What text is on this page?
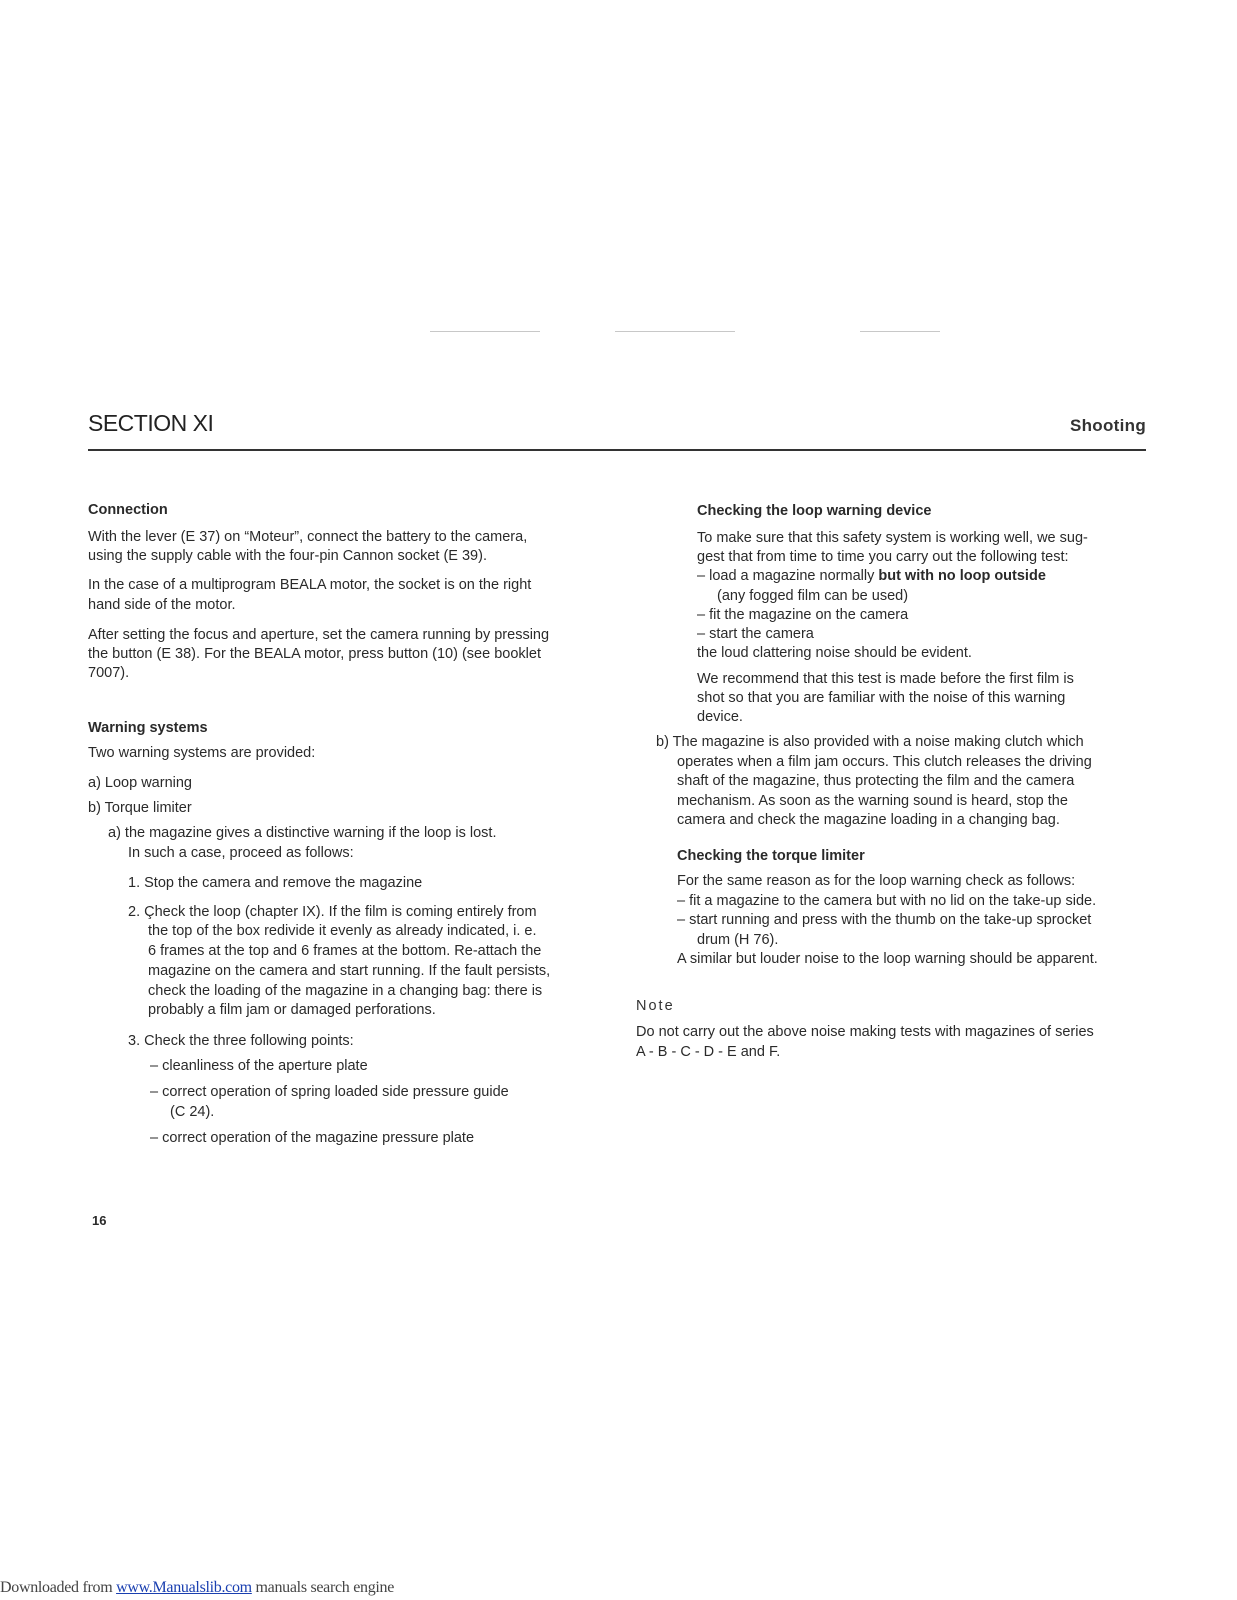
SECTION XI	Shooting
Connection
With the lever (E 37) on “Moteur”, connect the battery to the camera,
using the supply cable with the four-pin Cannon socket (E 39).
In the case of a multiprogram BEALA motor, the socket is on the right
hand side of the motor.
After setting the focus and aperture, set the camera running by pressing
the button (E 38). For the BEALA motor, press button (10) (see booklet
7007).
Warning systems
Two warning systems are provided:
a) Loop warning
b) Torque limiter
a) the magazine gives a distinctive warning if the loop is lost.
In such a case, proceed as follows:
1. Stop the camera and remove the magazine
2. Çheck the loop (chapter IX). If the film is coming entirely from
the top of the box redivide it evenly as already indicated, i. e.
6 frames at the top and 6 frames at the bottom. Re-attach the
magazine on the camera and start running. If the fault persists,
check the loading of the magazine in a changing bag: there is
probably a film jam or damaged perforations.
3. Check the three following points:
– cleanliness of the aperture plate
– correct operation of spring loaded side pressure guide
(C 24).
– correct operation of the magazine pressure plate
Checking the loop warning device
To make sure that this safety system is working well, we sug-
gest that from time to time you carry out the following test:
– load a magazine normally but with no loop outside
(any fogged film can be used)
– fit the magazine on the camera
– start the camera
the loud clattering noise should be evident.
We recommend that this test is made before the first film is
shot so that you are familiar with the noise of this warning
device.
b) The magazine is also provided with a noise making clutch which
operates when a film jam occurs. This clutch releases the driving
shaft of the magazine, thus protecting the film and the camera
mechanism. As soon as the warning sound is heard, stop the
camera and check the magazine loading in a changing bag.
Checking the torque limiter
For the same reason as for the loop warning check as follows:
– fit a magazine to the camera but with no lid on the take-up side.
– start running and press with the thumb on the take-up sprocket
drum (H 76).
A similar but louder noise to the loop warning should be apparent.
Note
Do not carry out the above noise making tests with magazines of series
A - B - C - D - E and F.
16
Downloaded from www.Manualslib.com manuals search engine
